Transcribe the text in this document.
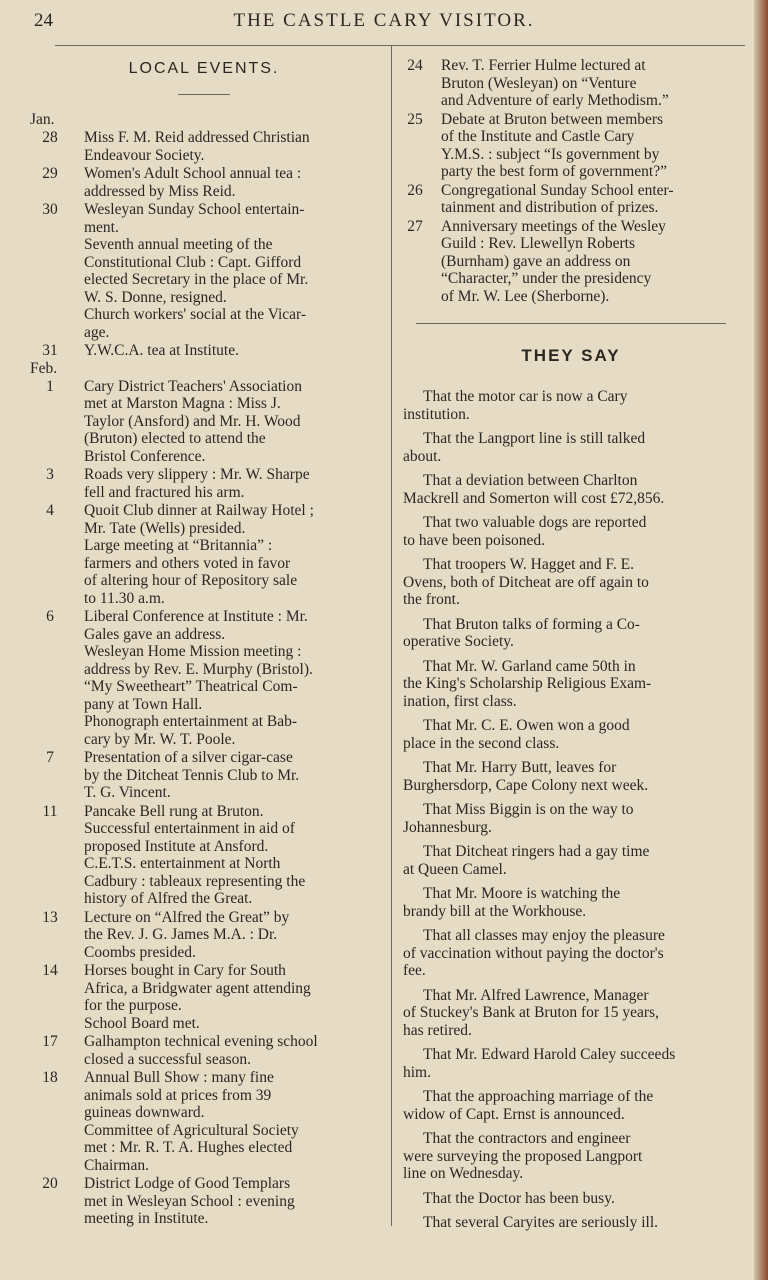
24	THE CASTLE CARY VISITOR.
LOCAL EVENTS.
Jan.
28	Miss F. M. Reid addressed Christian
Endeavour Society.
29	Women's Adult School annual tea :
addressed by Miss Reid.
30	Wesleyan Sunday School entertain-
ment.
Seventh annual meeting of the
Constitutional Club : Capt. Gifford
elected Secretary in the place of Mr.
W. S. Donne, resigned.
Church workers' social at the Vicar-
age.
31	Y.W.C.A. tea at Institute.
Feb.
1	Cary District Teachers' Association
met at Marston Magna : Miss J.
Taylor (Ansford) and Mr. H. Wood
(Bruton) elected to attend the
Bristol Conference.
3	Roads very slippery : Mr. W. Sharpe
fell and fractured his arm.
4	Quoit Club dinner at Railway Hotel ;
Mr. Tate (Wells) presided.
Large meeting at “Britannia” :
farmers and others voted in favor
of altering hour of Repository sale
to 11.30 a.m.
6	Liberal Conference at Institute : Mr.
Gales gave an address.
Wesleyan Home Mission meeting :
address by Rev. E. Murphy (Bristol).
“My Sweetheart” Theatrical Com-
pany at Town Hall.
Phonograph entertainment at Bab-
cary by Mr. W. T. Poole.
7	Presentation of a silver cigar-case
by the Ditcheat Tennis Club to Mr.
T. G. Vincent.
11	Pancake Bell rung at Bruton.
Successful entertainment in aid of
proposed Institute at Ansford.
C.E.T.S. entertainment at North
Cadbury : tableaux representing the
history of Alfred the Great.
13	Lecture on “Alfred the Great” by
the Rev. J. G. James M.A. : Dr.
Coombs presided.
14	Horses bought in Cary for South
Africa, a Bridgwater agent attending
for the purpose.
School Board met.
17	Galhampton technical evening school
closed a successful season.
18	Annual Bull Show : many fine
animals sold at prices from 39
guineas downward.
Committee of Agricultural Society
met : Mr. R. T. A. Hughes elected
Chairman.
20	District Lodge of Good Templars
met in Wesleyan School : evening
meeting in Institute.
24 Rev. T. Ferrier Hulme lectured at
Bruton (Wesleyan) on “Venture
and Adventure of early Methodism.”
25 Debate at Bruton between members
of the Institute and Castle Cary
Y.M.S. : subject “Is government by
party the best form of government?”
26 Congregational Sunday School enter-
tainment and distribution of prizes.
27 Anniversary meetings of the Wesley
Guild : Rev. Llewellyn Roberts
(Burnham) gave an address on
“Character,” under the presidency
of Mr. W. Lee (Sherborne).
THEY SAY
That the motor car is now a Cary
institution.
That the Langport line is still talked
about.
That a deviation between Charlton
Mackrell and Somerton will cost £72,856.
That two valuable dogs are reported
to have been poisoned.
That troopers W. Hagget and F. E.
Ovens, both of Ditcheat are off again to
the front.
That Bruton talks of forming a Co-
operative Society.
That Mr. W. Garland came 50th in
the King's Scholarship Religious Exam-
ination, first class.
That Mr. C. E. Owen won a good
place in the second class.
That Mr. Harry Butt, leaves for
Burghersdorp, Cape Colony next week.
That Miss Biggin is on the way to
Johannesburg.
That Ditcheat ringers had a gay time
at Queen Camel.
That Mr. Moore is watching the
brandy bill at the Workhouse.
That all classes may enjoy the pleasure
of vaccination without paying the doctor's
fee.
That Mr. Alfred Lawrence, Manager
of Stuckey's Bank at Bruton for 15 years,
has retired.
That Mr. Edward Harold Caley succeeds
him.
That the approaching marriage of the
widow of Capt. Ernst is announced.
That the contractors and engineer
were surveying the proposed Langport
line on Wednesday.
That the Doctor has been busy.
That several Caryites are seriously ill.
